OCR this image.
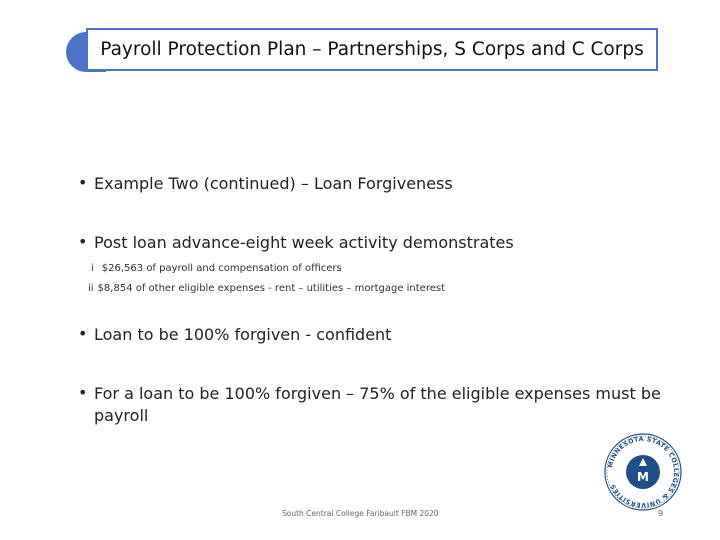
Payroll Protection Plan – Partnerships, S Corps and C Corps
• Example Two (continued) – Loan Forgiveness
• Post loan advance-eight week activity demonstrates
i $26,563 of payroll and compensation of officers
ii $8,854 of other eligible expenses - rent – utilities – mortgage interest
• Loan to be 100% forgiven - confident
• For a loan to be 100% forgiven – 75% of the eligible expenses must be payroll
MINNESOTA STATE COLLEGES & UNIVERSITIES
M
South Central College Faribault FBM 2020	9
